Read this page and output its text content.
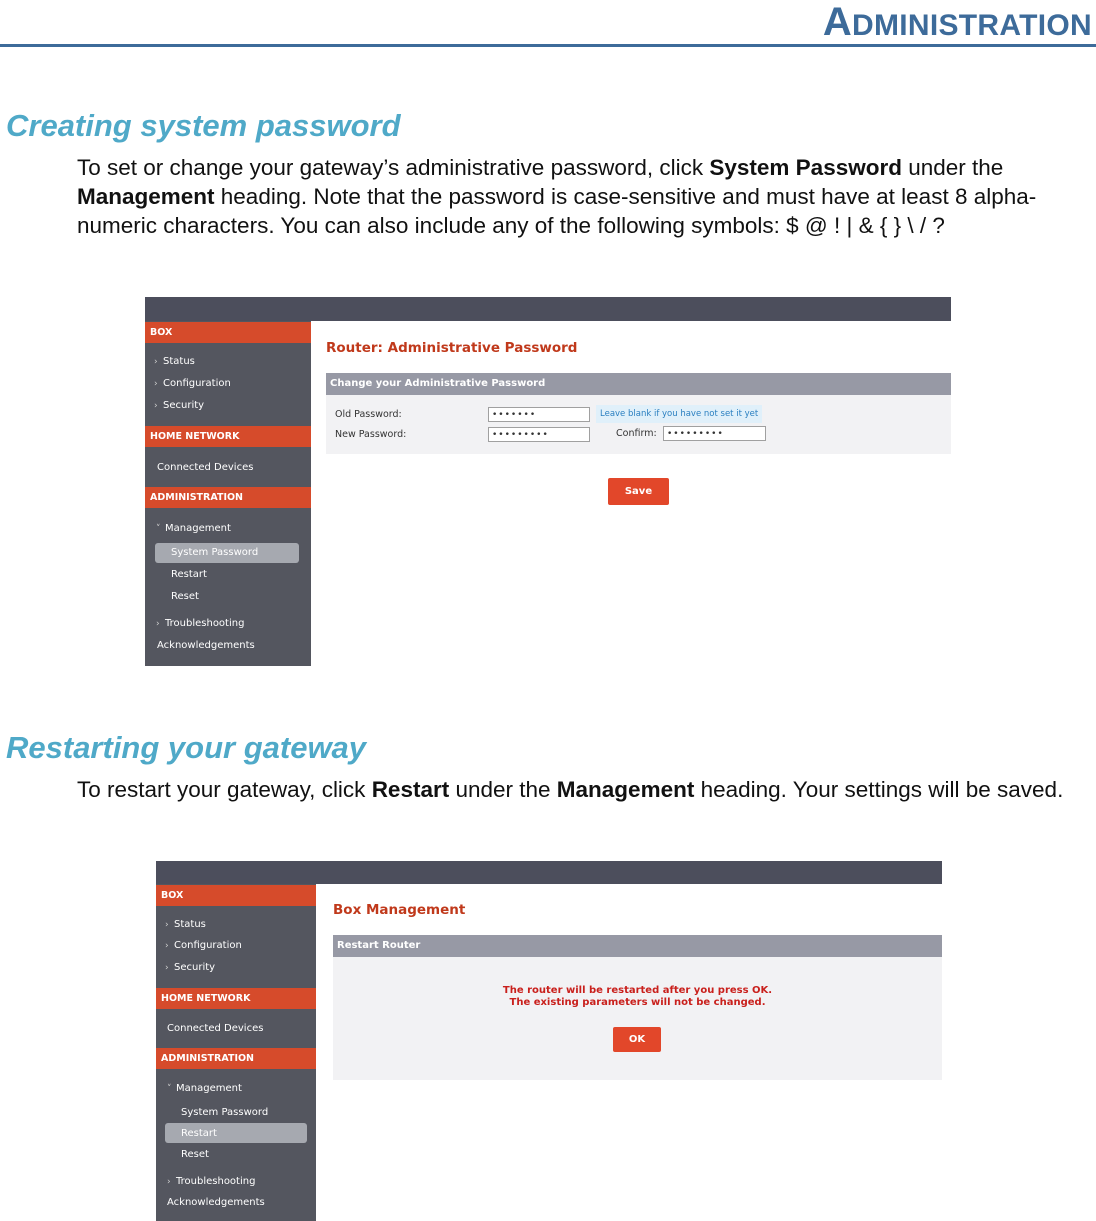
ADMINISTRATION
Creating system password

To set or change your gateway’s administrative password, click System Password under the Management heading. Note that the password is case-sensitive and must have at least 8 alpha-numeric characters. You can also include any of the following symbols: $ @ ! | & { } \ / ?

BOX
› Status
› Configuration
› Security
HOME NETWORK
Connected Devices
ADMINISTRATION
˅ Management
System Password
Restart
Reset
› Troubleshooting
Acknowledgements
Router: Administrative Password
Change your Administrative Password
Old Password:	•••••••	Leave blank if you have not set it yet
New Password:	•••••••••	Confirm:	•••••••••
Save
Restarting your gateway

To restart your gateway, click Restart under the Management heading. Your settings will be saved.

BOX
› Status
› Configuration
› Security
HOME NETWORK
Connected Devices
ADMINISTRATION
˅ Management
System Password
Restart
Reset
› Troubleshooting
Acknowledgements
Box Management
Restart Router
The router will be restarted after you press OK.
The existing parameters will not be changed.
OK
